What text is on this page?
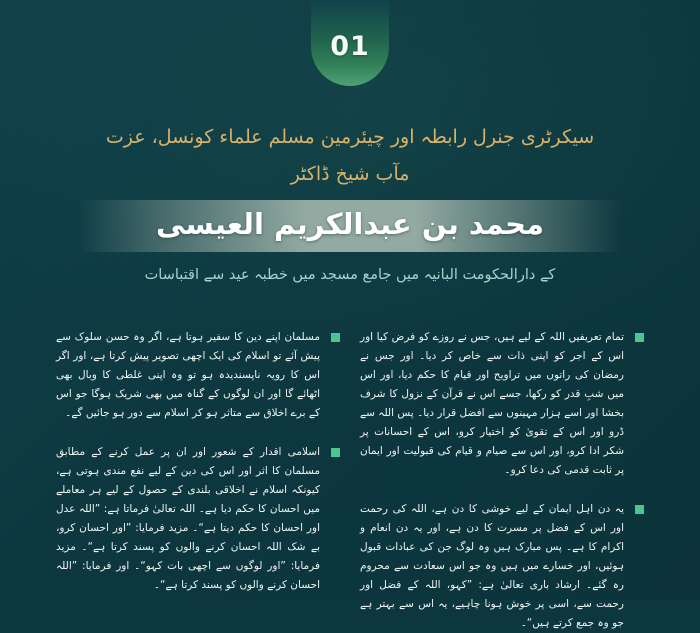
01
سیکرٹری جنرل رابطہ اور چیئرمین مسلم علماء کونسل، عزت
مآب شیخ ڈاکٹر
محمد بن عبدالکریم العیسی
کے دارالحکومت البانیہ میں جامع مسجد میں خطبہ عید سے اقتباسات

تمام تعریفیں اللہ کے لیے ہیں، جس نے روزے کو فرض کیا اور اس کے اجر کو اپنی ذات سے خاص کر دیا۔ اور جس نے رمضان کی راتوں میں تراویح اور قیام کا حکم دیا، اور اس میں شبِ قدر کو رکھا، جسے اس نے قرآن کے نزول کا شرف بخشا اور اسے ہزار مہینوں سے افضل قرار دیا۔ پس اللہ سے ڈرو اور اس کے تقویٰ کو اختیار کرو، اس کے احسانات پر شکر ادا کرو، اور اس سے صیام و قیام کی قبولیت اور ایمان پر ثابت قدمی کی دعا کرو۔

یہ دن اہل ایمان کے لیے خوشی کا دن ہے، اللہ کی رحمت اور اس کے فضل پر مسرت کا دن ہے، اور یہ دن انعام و اکرام کا ہے۔ پس مبارک ہیں وہ لوگ جن کی عبادات قبول ہوئیں، اور خسارے میں ہیں وہ جو اس سعادت سے محروم رہ گئے۔ ارشاد باری تعالیٰ ہے: ”کہو، اللہ کے فضل اور رحمت سے، اسی پر خوش ہونا چاہیے، یہ اس سے بہتر ہے جو وہ جمع کرتے ہیں“۔

مسلمان اپنے دین کا سفیر ہوتا ہے، اگر وہ حسن سلوک سے پیش آئے تو اسلام کی ایک اچھی تصویر پیش کرتا ہے، اور اگر اس کا رویہ ناپسندیدہ ہو تو وہ اپنی غلطی کا وبال بھی اٹھائے گا اور ان لوگوں کے گناہ میں بھی شریک ہوگا جو اس کے برے اخلاق سے متاثر ہو کر اسلام سے دور ہو جائیں گے۔

اسلامی اقدار کے شعور اور ان پر عمل کرنے کے مطابق مسلمان کا اثر اور اس کی دین کے لیے نفع مندی ہوتی ہے، کیونکہ اسلام نے اخلاقی بلندی کے حصول کے لیے ہر معاملے میں احسان کا حکم دیا ہے۔ اللہ تعالیٰ فرماتا ہے: ”اللہ عدل اور احسان کا حکم دیتا ہے“۔ مزید فرمایا: ”اور احسان کرو، بے شک اللہ احسان کرنے والوں کو پسند کرتا ہے“۔ مزید فرمایا: ”اور لوگوں سے اچھی بات کہو“۔ اور فرمایا: ”اللہ احسان کرنے والوں کو پسند کرتا ہے“۔
